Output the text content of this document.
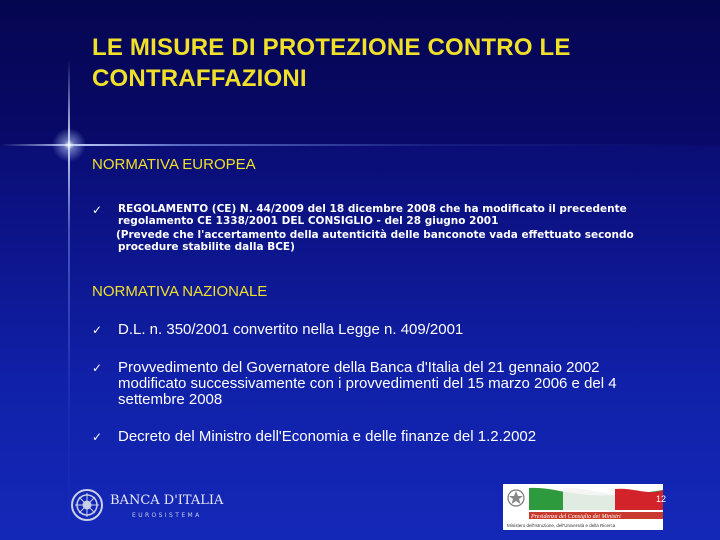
LE MISURE DI PROTEZIONE CONTRO LE
CONTRAFFAZIONI

NORMATIVA EUROPEA

✓ REGOLAMENTO (CE) N. 44/2009 del 18 dicembre 2008 che ha modificato il precedente

regolamento CE 1338/2001 DEL CONSIGLIO - del 28 giugno 2001

(Prevede che l'accertamento della autenticità delle banconote vada effettuato secondo

procedure stabilite dalla BCE)

NORMATIVA NAZIONALE

✓ D.L. n. 350/2001 convertito nella Legge n. 409/2001

✓ Provvedimento del Governatore della Banca d'Italia del 21 gennaio 2002
modificato successivamente con i provvedimenti del 15 marzo 2006 e del 4
settembre 2008

✓ Decreto del Ministro dell'Economia e delle finanze del 1.2.2002

BANCA D'ITALIA
EUROSISTEMA	Presidenza del Consiglio dei Ministri
Ministero dell'Istruzione, dell'Università e della Ricerca
12
